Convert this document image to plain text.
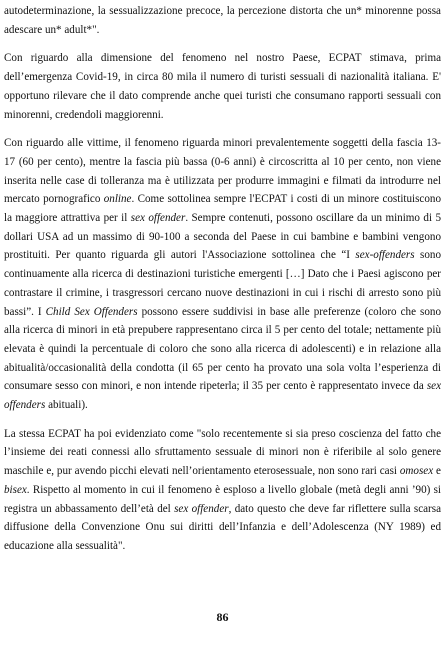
autodeterminazione, la sessualizzazione precoce, la percezione distorta che un* minorenne possa adescare un* adult*".

Con riguardo alla dimensione del fenomeno nel nostro Paese, ECPAT stimava, prima dell’emergenza Covid-19, in circa 80 mila il numero di turisti sessuali di nazionalità italiana. E' opportuno rilevare che il dato comprende anche quei turisti che consumano rapporti sessuali con minorenni, credendoli maggiorenni.

Con riguardo alle vittime, il fenomeno riguarda minori prevalentemente soggetti della fascia 13-17 (60 per cento), mentre la fascia più bassa (0-6 anni) è circoscritta al 10 per cento, non viene inserita nelle case di tolleranza ma è utilizzata per produrre immagini e filmati da introdurre nel mercato pornografico online. Come sottolinea sempre l'ECPAT i costi di un minore costituiscono la maggiore attrattiva per il sex offender. Sempre contenuti, possono oscillare da un minimo di 5 dollari USA ad un massimo di 90-100 a seconda del Paese in cui bambine e bambini vengono prostituiti. Per quanto riguarda gli autori l'Associazione sottolinea che “I sex-offenders sono continuamente alla ricerca di destinazioni turistiche emergenti […] Dato che i Paesi agiscono per contrastare il crimine, i trasgressori cercano nuove destinazioni in cui i rischi di arresto sono più bassi”. I Child Sex Offenders possono essere suddivisi in base alle preferenze (coloro che sono alla ricerca di minori in età prepubere rappresentano circa il 5 per cento del totale; nettamente più elevata è quindi la percentuale di coloro che sono alla ricerca di adolescenti) e in relazione alla abitualità/occasionalità della condotta (il 65 per cento ha provato una sola volta l’esperienza di consumare sesso con minori, e non intende ripeterla; il 35 per cento è rappresentato invece da sex offenders abituali).

La stessa ECPAT ha poi evidenziato come "solo recentemente si sia preso coscienza del fatto che l’insieme dei reati connessi allo sfruttamento sessuale di minori non è riferibile al solo genere maschile e, pur avendo picchi elevati nell’orientamento eterosessuale, non sono rari casi omosex e bisex. Rispetto al momento in cui il fenomeno è esploso a livello globale (metà degli anni ’90) si registra un abbassamento dell’età del sex offender, dato questo che deve far riflettere sulla scarsa diffusione della Convenzione Onu sui diritti dell’Infanzia e dell’Adolescenza (NY 1989) ed educazione alla sessualità".

86
